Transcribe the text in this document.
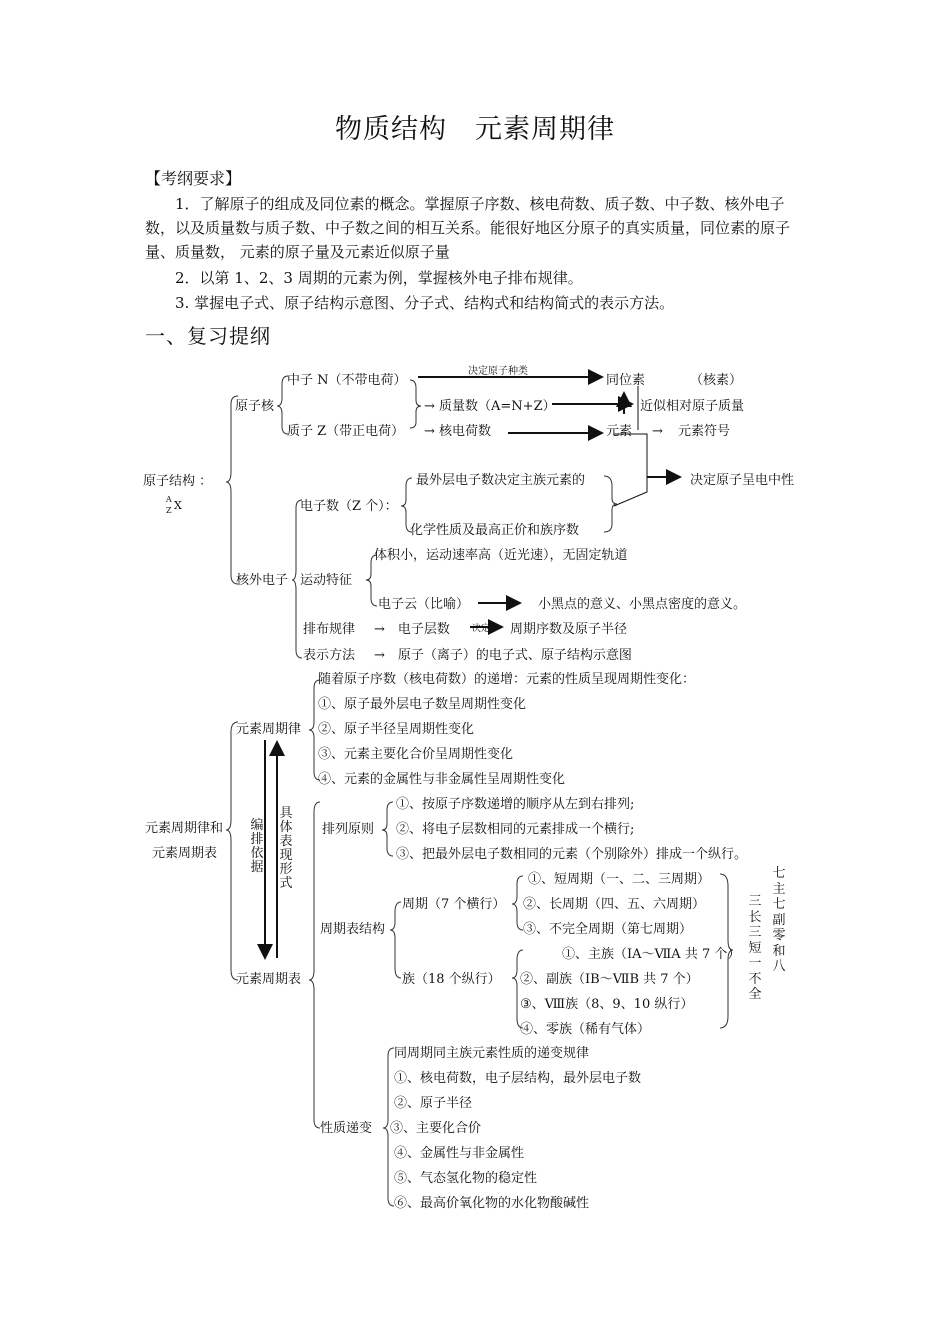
物质结构　元素周期律
【考纲要求】
1．了解原子的组成及同位素的概念。掌握原子序数、核电荷数、质子数、中子数、核外电子数，以及质量数与质子数、中子数之间的相互关系。能很好地区分原子的真实质量，同位素的原子量、质量数， 元素的原子量及元素近似原子量
2．以第 1、2、3 周期的元素为例，掌握核外电子排布规律。
3. 掌握电子式、原子结构示意图、分子式、结构式和结构简式的表示方法。
一、复习提纲
原子结构 ：
A
Z X
原子核
中子 N（不带电荷）
质子 Z（带正电荷）
→ 质量数（A=N+Z）
→ 核电荷数
决定原子种类
同位素	（核素）
近似相对原子质量
元素 → 元素符号
决定原子呈电中性
核外电子
电子数（Z 个）：
最外层电子数决定主族元素的
化学性质及最高正价和族序数
运动特征
体积小，运动速率高（近光速），无固定轨道
电子云（比喻）	小黑点的意义、小黑点密度的意义。
排布规律 →　电子层数 决定 周期序数及原子半径
表示方法 →　原子（离子）的电子式、原子结构示意图
元素周期律和
元素周期表
元素周期律
随着原子序数（核电荷数）的递增：元素的性质呈现周期性变化：
①、原子最外层电子数呈周期性变化
②、原子半径呈周期性变化
③、元素主要化合价呈周期性变化
④、元素的金属性与非金属性呈周期性变化
编排依据
具体表现形式
元素周期表
排列原则
①、按原子序数递增的顺序从左到右排列;
②、将电子层数相同的元素排成一个横行;
③、把最外层电子数相同的元素（个别除外）排成一个纵行。
周期表结构
周期（7 个横行）
①、短周期（一、二、三周期）
②、长周期（四、五、六周期）
③、不完全周期（第七周期）
族（18 个纵行）
①、主族（ⅠA～ⅦA 共 7 个）
②、副族（ⅠB～ⅦB 共 7 个）
③、Ⅷ族（8、9、10 纵行）
④、零族（稀有气体）
三长三短一不全
七主七副零和八
性质递变
同周期同主族元素性质的递变规律
①、核电荷数，电子层结构，最外层电子数
②、原子半径
③、主要化合价
④、金属性与非金属性
⑤、气态氢化物的稳定性
⑥、最高价氧化物的水化物酸碱性
